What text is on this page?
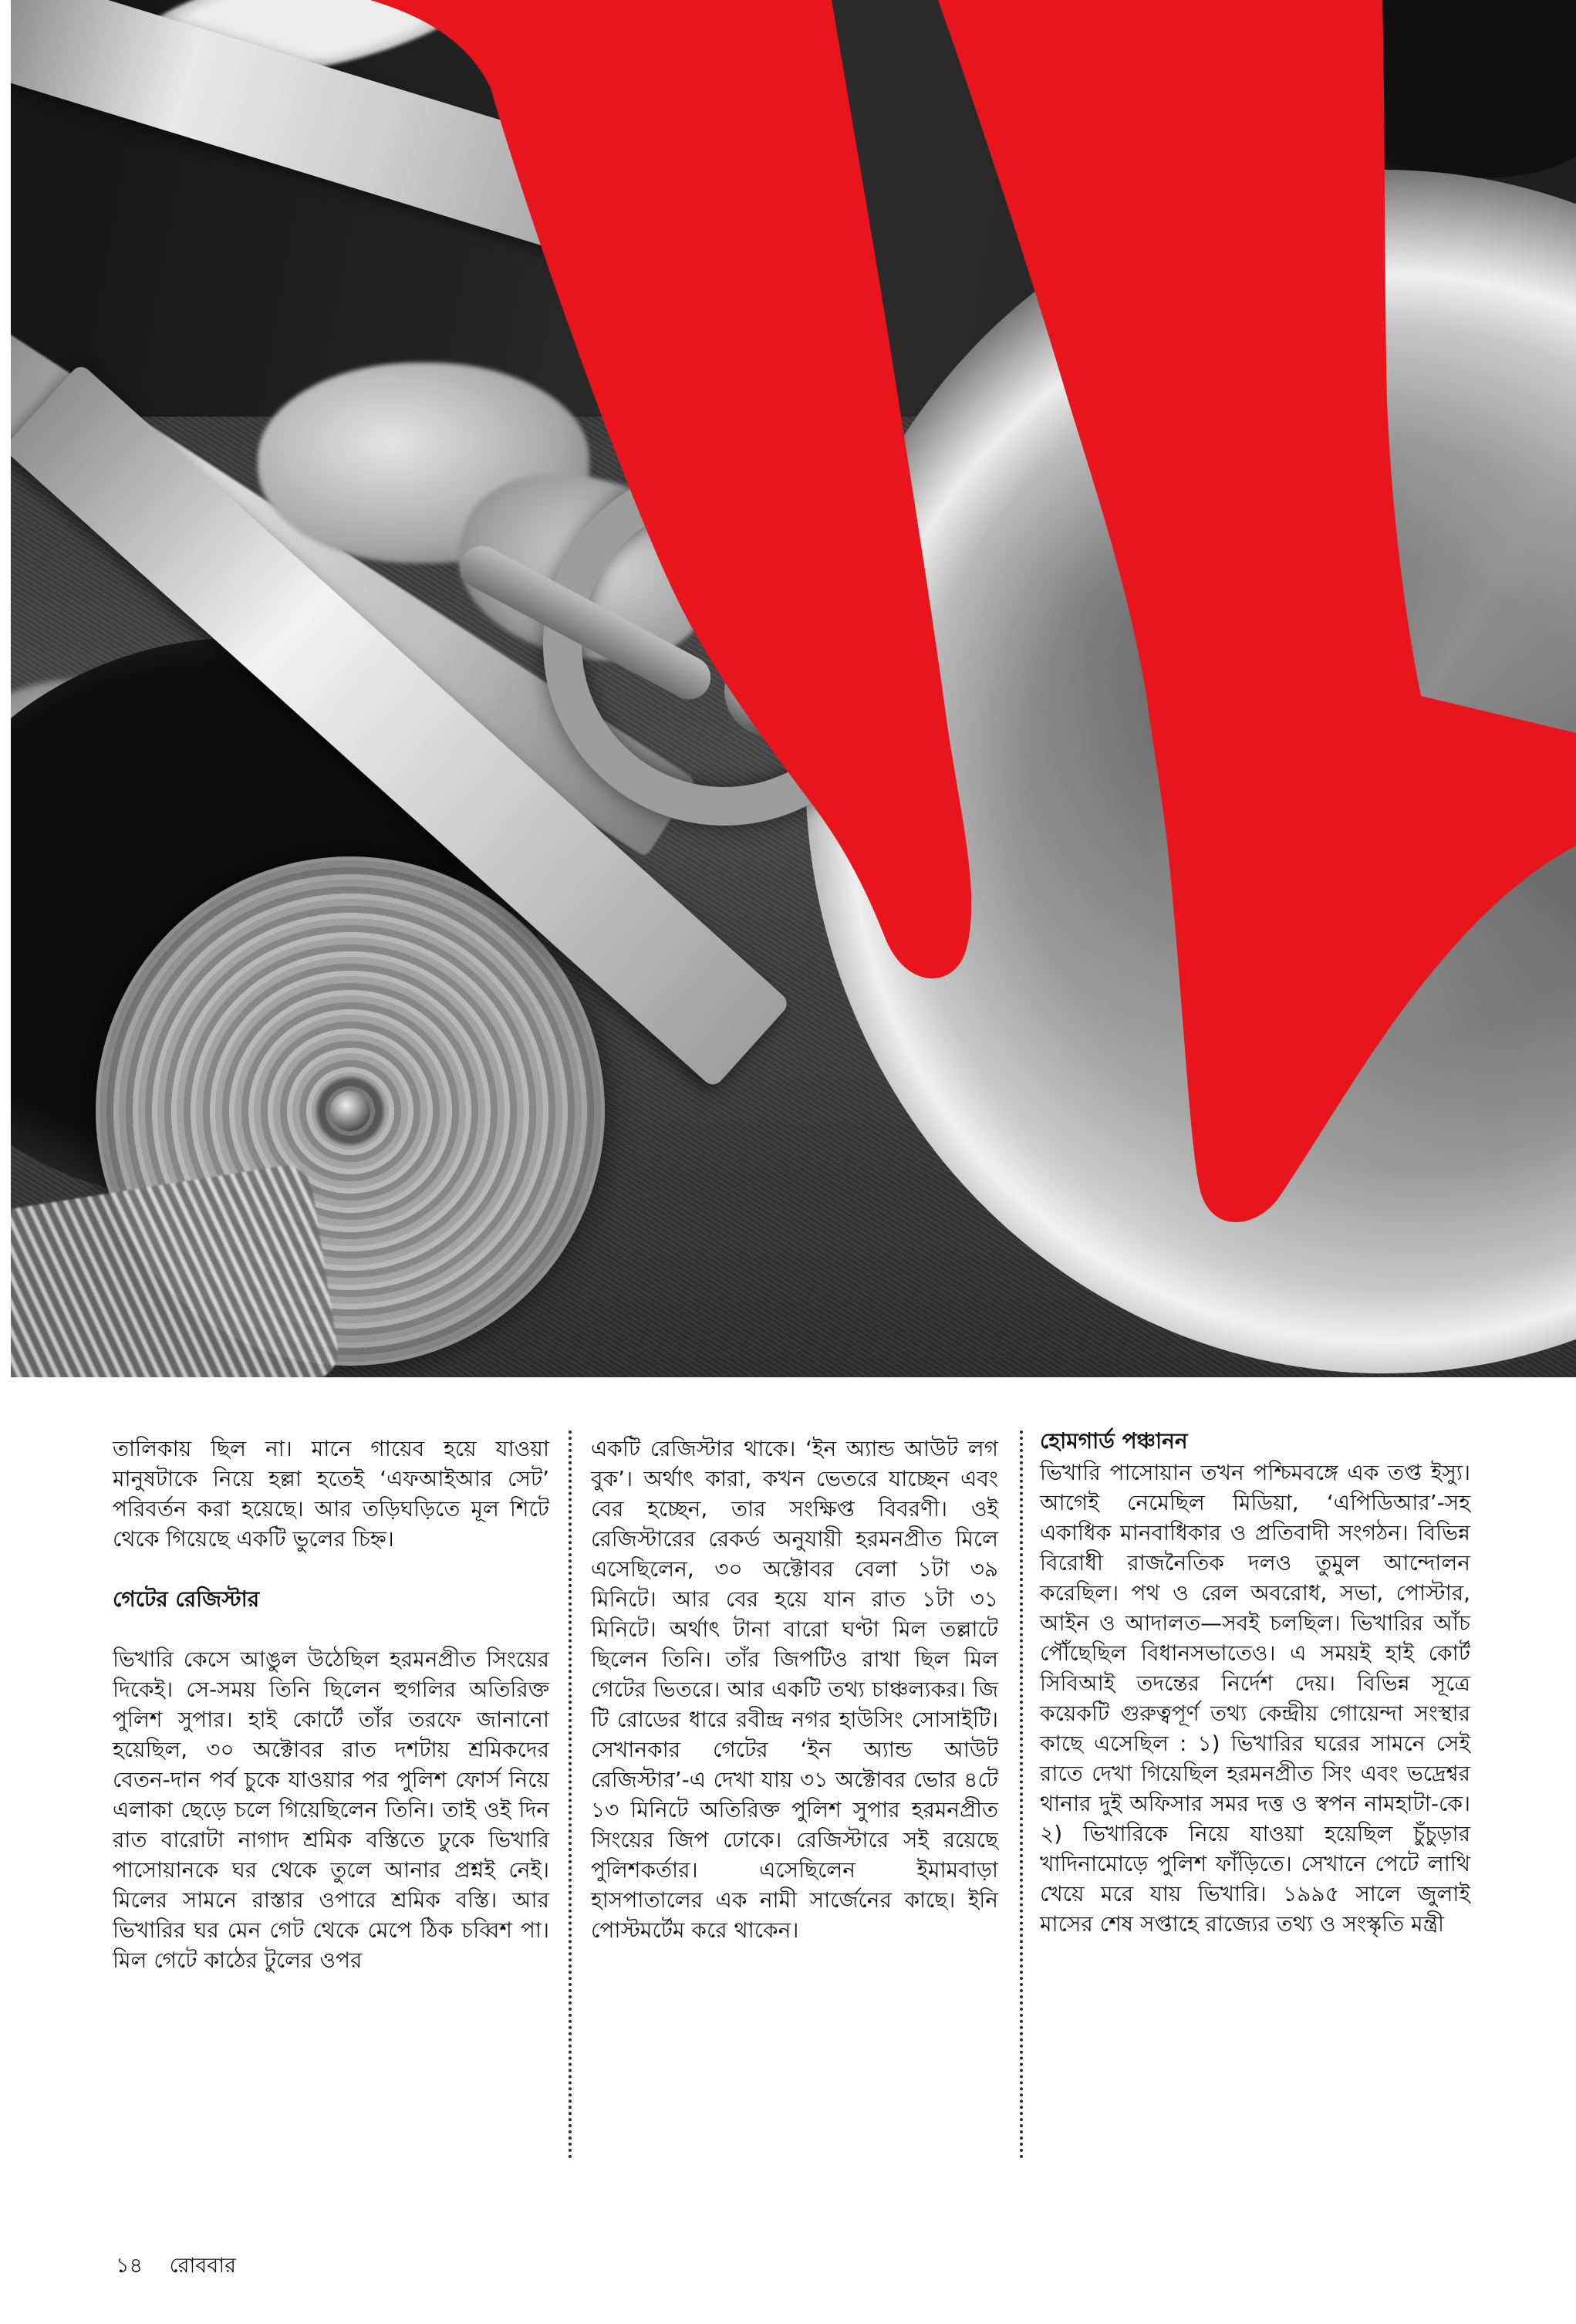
তালিকায় ছিল না। মানে গায়েব হয়ে যাওয়া মানুষটাকে নিয়ে হল্লা হতেই ‘এফআইআর সেট’ পরিবর্তন করা হয়েছে। আর তড়িঘড়িতে মূল শিটে থেকে গিয়েছে একটি ভুলের চিহ্ন।

গেটের রেজিস্টার

ভিখারি কেসে আঙুল উঠেছিল হরমনপ্রীত সিংয়ের দিকেই। সে-সময় তিনি ছিলেন হুগলির অতিরিক্ত পুলিশ সুপার। হাই কোর্টে তাঁর তরফে জানানো হয়েছিল, ৩০ অক্টোবর রাত দশটায় শ্রমিকদের বেতন-দান পর্ব চুকে যাওয়ার পর পুলিশ ফোর্স নিয়ে এলাকা ছেড়ে চলে গিয়েছিলেন তিনি। তাই ওই দিন রাত বারোটা নাগাদ শ্রমিক বস্তিতে ঢুকে ভিখারি পাসোয়ানকে ঘর থেকে তুলে আনার প্রশ্নই নেই। মিলের সামনে রাস্তার ওপারে শ্রমিক বস্তি। আর ভিখারির ঘর মেন গেট থেকে মেপে ঠিক চব্বিশ পা। মিল গেটে কাঠের টুলের ওপর

একটি রেজিস্টার থাকে। ‘ইন অ্যান্ড আউট লগ বুক’। অর্থাৎ কারা, কখন ভেতরে যাচ্ছেন এবং বের হচ্ছেন, তার সংক্ষিপ্ত বিবরণী। ওই রেজিস্টারের রেকর্ড অনুযায়ী হরমনপ্রীত মিলে এসেছিলেন, ৩০ অক্টোবর বেলা ১টা ৩৯ মিনিটে। আর বের হয়ে যান রাত ১টা ৩১ মিনিটে। অর্থাৎ টানা বারো ঘণ্টা মিল তল্লাটে ছিলেন তিনি। তাঁর জিপটিও রাখা ছিল মিল গেটের ভিতরে। আর একটি তথ্য চাঞ্চল্যকর। জি টি রোডের ধারে রবীন্দ্র নগর হাউসিং সোসাইটি। সেখানকার গেটের ‘ইন অ্যান্ড আউট রেজিস্টার’-এ দেখা যায় ৩১ অক্টোবর ভোর ৪টে ১৩ মিনিটে অতিরিক্ত পুলিশ সুপার হরমনপ্রীত সিংয়ের জিপ ঢোকে। রেজিস্টারে সই রয়েছে পুলিশকর্তার। এসেছিলেন ইমামবাড়া হাসপাতালের এক নামী সার্জেনের কাছে। ইনি পোস্টমর্টেম করে থাকেন।

হোমগার্ড পঞ্চানন

ভিখারি পাসোয়ান তখন পশ্চিমবঙ্গে এক তপ্ত ইস্যু। আগেই নেমেছিল মিডিয়া, ‘এপিডিআর’-সহ একাধিক মানবাধিকার ও প্রতিবাদী সংগঠন। বিভিন্ন বিরোধী রাজনৈতিক দলও তুমুল আন্দোলন করেছিল। পথ ও রেল অবরোধ, সভা, পোস্টার, আইন ও আদালত—সবই চলছিল। ভিখারির আঁচ পৌঁছেছিল বিধানসভাতেও। এ সময়ই হাই কোর্ট সিবিআই তদন্তের নির্দেশ দেয়। বিভিন্ন সূত্রে কয়েকটি গুরুত্বপূর্ণ তথ্য কেন্দ্রীয় গোয়েন্দা সংস্থার কাছে এসেছিল : ১) ভিখারির ঘরের সামনে সেই রাতে দেখা গিয়েছিল হরমনপ্রীত সিং এবং ভদ্রেশ্বর থানার দুই অফিসার সমর দত্ত ও স্বপন নামহাটা-কে। ২) ভিখারিকে নিয়ে যাওয়া হয়েছিল চুঁচুড়ার খাদিনামোড়ে পুলিশ ফাঁড়িতে। সেখানে পেটে লাথি খেয়ে মরে যায় ভিখারি। ১৯৯৫ সালে জুলাই মাসের শেষ সপ্তাহে রাজ্যের তথ্য ও সংস্কৃতি মন্ত্রী

১৪ রোববার
